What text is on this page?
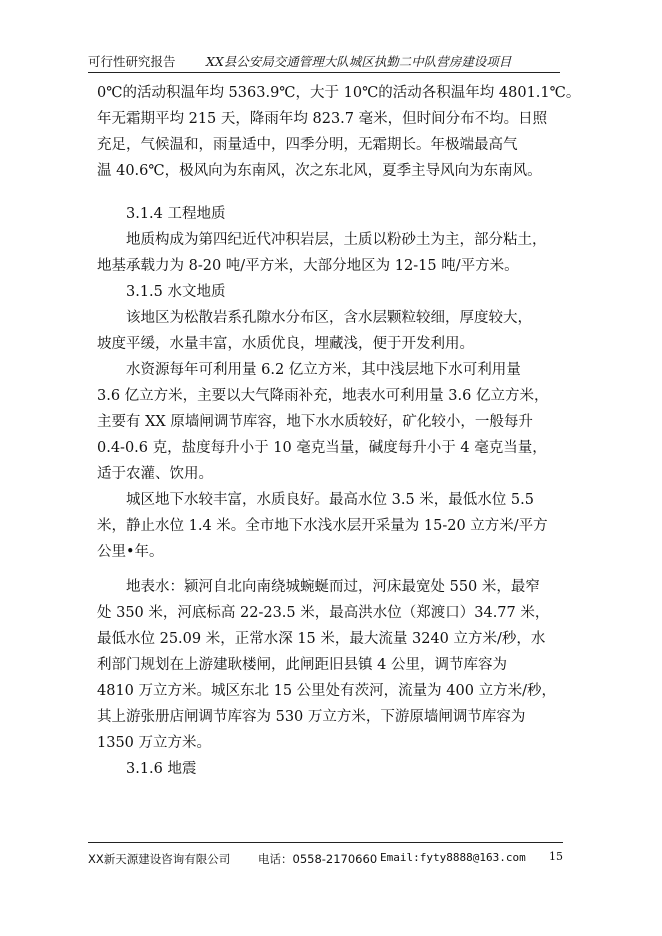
可行性研究报告 XX县公安局交通管理大队城区执勤二中队营房建设项目
0℃的活动积温年均 5363.9℃，大于 10℃的活动各积温年均 4801.1℃。
年无霜期平均 215 天，降雨年均 823.7 毫米，但时间分布不均。日照
充足，气候温和，雨量适中，四季分明，无霜期长。年极端最高气
温 40.6℃，极风向为东南风，次之东北风，夏季主导风向为东南风。
3.1.4 工程地质
地质构成为第四纪近代冲积岩层，土质以粉砂土为主，部分粘土，
地基承载力为 8-20 吨/平方米，大部分地区为 12-15 吨/平方米。
3.1.5 水文地质
该地区为松散岩系孔隙水分布区，含水层颗粒较细，厚度较大，
坡度平缓，水量丰富，水质优良，埋藏浅，便于开发利用。
水资源每年可利用量 6.2 亿立方米，其中浅层地下水可利用量
3.6 亿立方米，主要以大气降雨补充，地表水可利用量 3.6 亿立方米，
主要有 XX 原墙闸调节库容，地下水水质较好，矿化较小，一般每升
0.4-0.6 克，盐度每升小于 10 毫克当量，碱度每升小于 4 毫克当量，
适于农灌、饮用。
城区地下水较丰富，水质良好。最高水位 3.5 米，最低水位 5.5
米，静止水位 1.4 米。全市地下水浅水层开采量为 15-20 立方米/平方
公里•年。
地表水：颍河自北向南绕城蜿蜒而过，河床最宽处 550 米，最窄
处 350 米，河底标高 22-23.5 米，最高洪水位（郑渡口）34.77 米，
最低水位 25.09 米，正常水深 15 米，最大流量 3240 立方米/秒，水
利部门规划在上游建耿楼闸，此闸距旧县镇 4 公里，调节库容为
4810 万立方米。城区东北 15 公里处有茨河，流量为 400 立方米/秒，
其上游张册店闸调节库容为 530 万立方米，下游原墙闸调节库容为
1350 万立方米。
3.1.6 地震
XX新天源建设咨询有限公司 电话：0558-2170660 Email:fyty8888@163.com 15
